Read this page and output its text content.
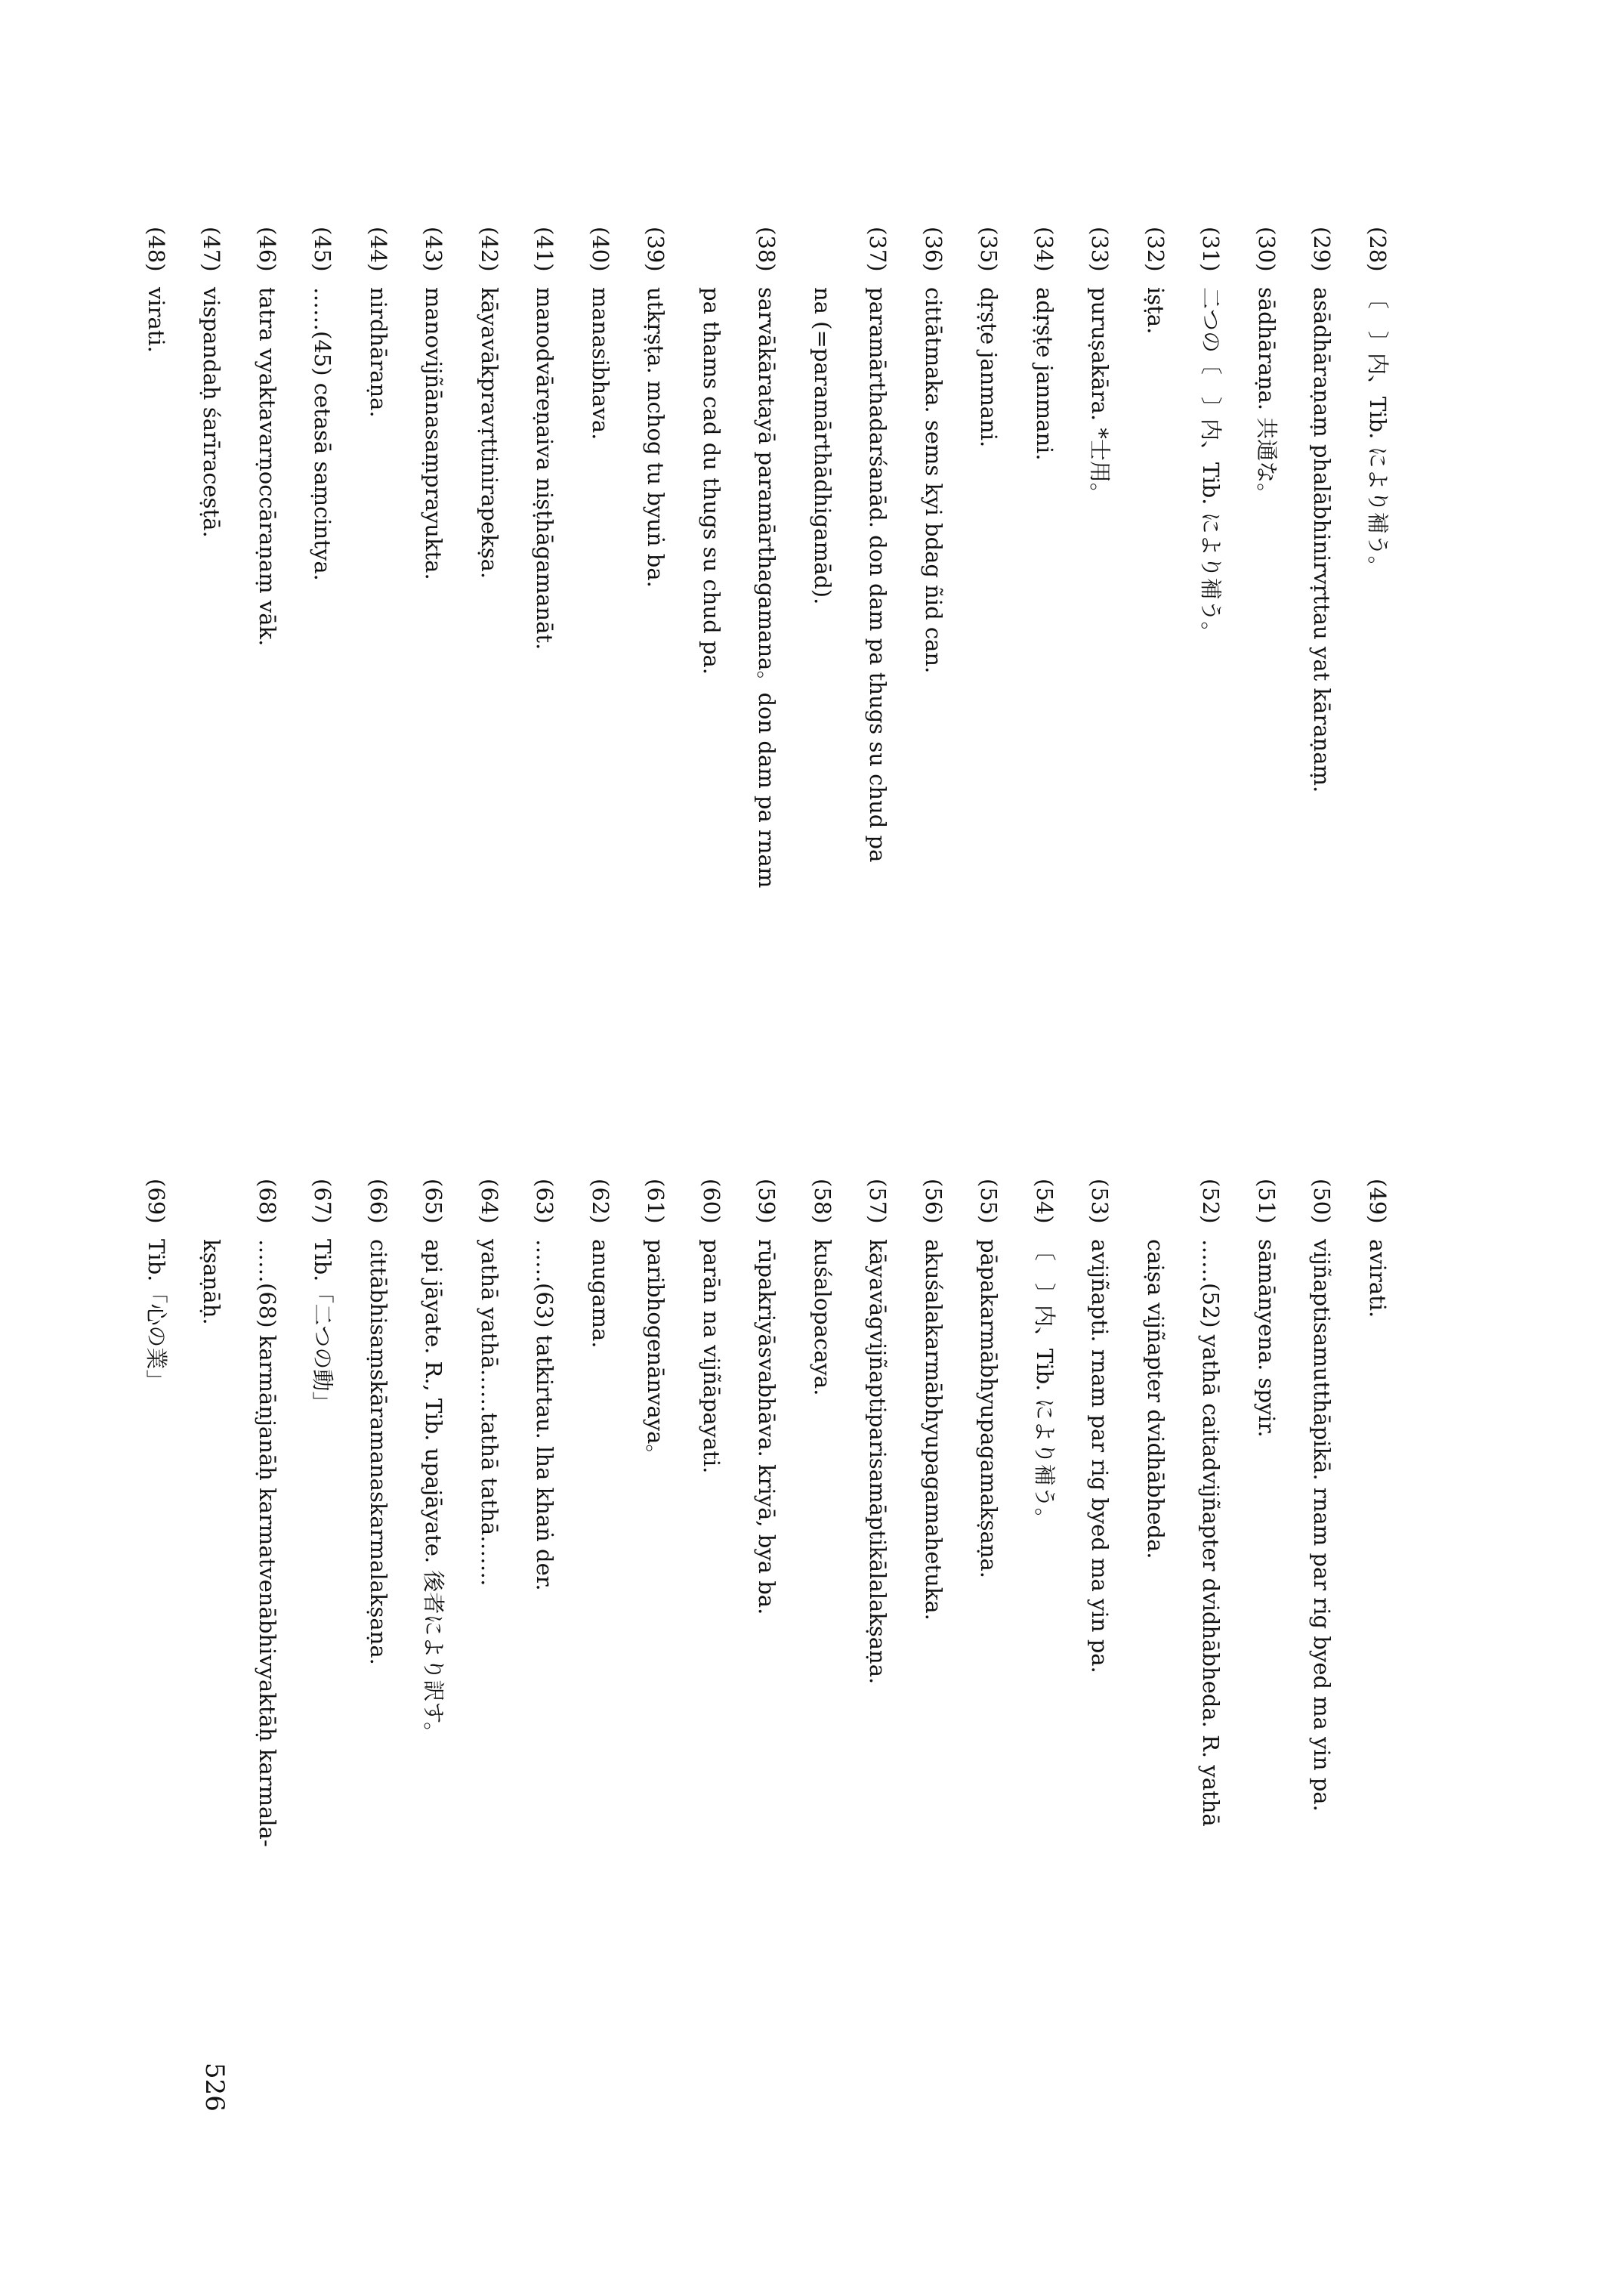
(28)〔　〕内、Tib. により補う。
(29)asādhāraṇaṃ phalābhinirvṛttau yat kāraṇaṃ.
(30)sādhāraṇa. 共通な。
(31)二つの〔　〕内、Tib. により補う。
(32)iṣṭa.
(33)puruṣakāra. *士用。
(34)adṛṣṭe janmani.
(35)dṛṣṭe janmani.
(36)cittātmaka. sems kyi bdag ñid can.
(37)paramārthadarśanād. don dam pa thugs su chud pa
na (=paramārthādhigamād).
(38)sarvākāratayā paramārthagamana。don dam pa rnam
pa thams cad du thugs su chud pa.
(39)utkṛṣṭa. mchog tu byuṅ ba.
(40)manasibhava.
(41)manodvāreṇaiva niṣṭhāgamanāt.
(42)kāyavākpravṛttinirapekṣa.
(43)manovijñānasaṃprayukta.
(44)nirdhāraṇa.
(45)……(45) cetasā saṃcintya.
(46)tatra vyaktavarṇoccāraṇaṃ vāk.
(47)vispandaḥ śarīraceṣṭā.
(48)virati.
(49)avirati.
(50)vijñaptisamutthāpikā. rnam par rig byed ma yin pa.
(51)sāmānyena. spyir.
(52)……(52) yathā caitadvijñapter dvidhābheda. R. yathā
caiṣa vijñapter dvidhābheda.
(53)avijñapti. rnam par rig byed ma yin pa.
(54)〔　〕内、Tib. により補う。
(55)pāpakarmābhyupagamakṣaṇa.
(56)akuśalakarmābhyupagamahetuka.
(57)kāyavāgvijñaptiparisamāptikālalakṣaṇa.
(58)kuśalopacaya.
(59)rūpakriyāsvabhāva. kriyā, bya ba.
(60)parān na vijñāpayati.
(61)paribhogenānvaya。
(62)anugama.
(63)……(63) tatkirtau. lha khaṅ der.
(64)yathā yathā……tathā tathā…….
(65)api jāyate. R., Tib. upajāyate. 後者により訳す。
(66)cittābhisaṃskāramanaskarmalakṣaṇa.
(67)Tib.「二つの動」
(68)……(68) karmāṇjanāḥ karmatvenābhivyaktāḥ karmala-
kṣaṇāḥ.
(69)Tib.「心の業」
526
